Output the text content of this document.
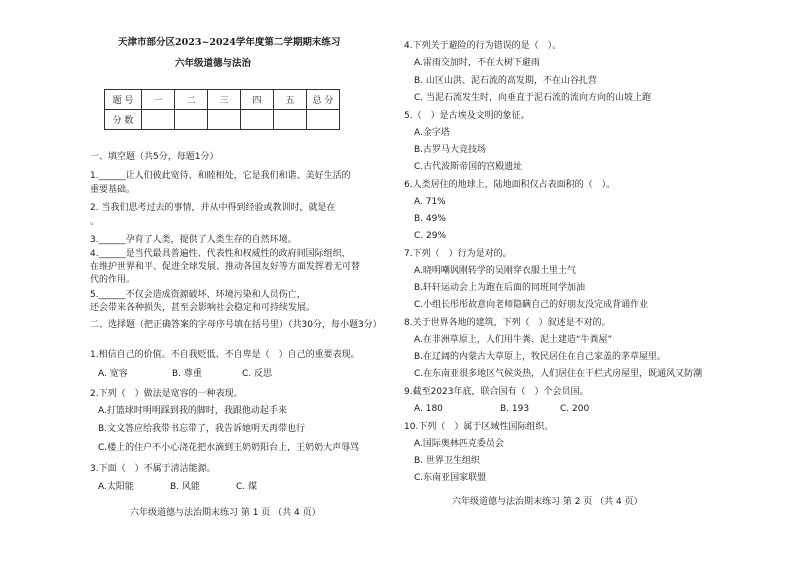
天津市部分区2023~2024学年度第二学期期末练习
六年级道德与法治
题 号	一	二	三	四	五	总 分
分 数						
一、填空题（共5分，每题1分）
1.______让人们彼此宽待、和睦相处，它是我们和谐、美好生活的
重要基础。
2. 当我们思考过去的事情，并从中得到经验或教训时，就是在
。
3.______孕育了人类，提供了人类生存的自然环境。
4.______是当代最具普遍性、代表性和权威性的政府间国际组织，
在维护世界和平、促进全球发展、推动各国友好等方面发挥着无可替
代的作用。
5.______不仅会造成资源破坏、环境污染和人员伤亡，
还会带来各种损失，甚至会影响社会稳定和可持续发展。
二、选择题（把正确答案的字母序号填在括号里）（共30分，每小题3分）
1.相信自己的价值。不自我贬低、不自卑是（　）自己的重要表现。
A. 宽容	B. 尊重	C. 反思
2.下列（　）做法是宽容的一种表现。
A.打篮球时明明踩到我的脚时，我跟他动起手来
B.文文答应给我带书忘带了，我告诉她明天再带也行
C.楼上的住户不小心浇花把水滴到王奶奶阳台上，王奶奶大声辱骂
3.下面（　）不属于清洁能源。
A.太阳能	B. 风能	C. 煤
六年级道德与法治期末练习 第 1 页 （共 4 页）
4.下列关于避险的行为错误的是（　）。
A.雷雨交加时，不在大树下避雨
B. 山区山洪、泥石流的高发期，不在山谷扎营
C. 当泥石流发生时，向垂直于泥石流的流向方向的山坡上跑
5.（　）是古埃及文明的象征。
A.金字塔
B.古罗马大竞技场
C.古代波斯帝国的宫殿遗址
6.人类居住的地球上，陆地面积仅占表面积的（　）。
A. 71%
B. 49%
C. 29%
7.下列（　）行为是对的。
A.晓明嘲讽刚转学的吴刚穿衣服土里土气
B.轩轩运动会上为跑在后面的同班同学加油
C.小组长彤彤故意向老师隐瞒自己的好朋友没完成背诵作业
8.关于世界各地的建筑，下列（　）叙述是不对的。
A.在非洲草原上，人们用牛粪、泥土建造“牛粪屋”
B.在辽阔的内蒙古大草原上，牧民居住在自己家盖的茅草屋里。
C.在东南亚很多地区气候炎热，人们居住在干栏式房屋里，既通风又防潮
9.截至2023年底，联合国有（　）个会员国。
A. 180	B. 193	C. 200
10.下列（　）属于区域性国际组织。
A.国际奥林匹克委员会
B. 世界卫生组织
C.东南亚国家联盟
六年级道德与法治期末练习 第 2 页 （共 4 页）
